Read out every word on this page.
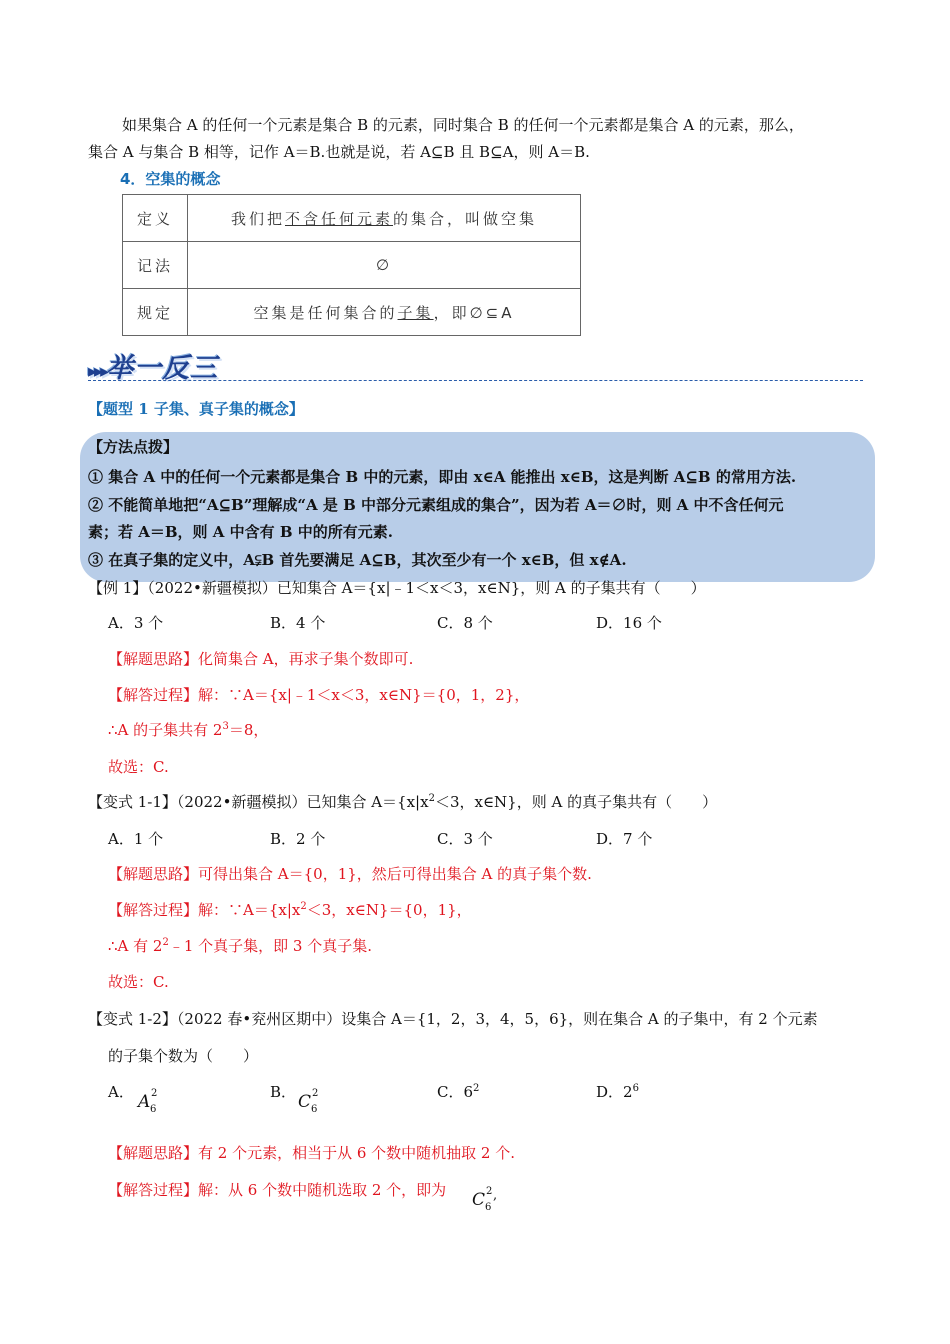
如果集合 A 的任何一个元素是集合 B 的元素，同时集合 B 的任何一个元素都是集合 A 的元素，那么，
集合 A 与集合 B 相等，记作 A＝B.也就是说，若 A⊆B 且 B⊆A，则 A＝B.
4．空集的概念
定义	我们把不含任何元素的集合，叫做空集
记法	∅
规定	空集是任何集合的子集，即∅⊆A
▸▸▸举一反三
【题型 1 子集、真子集的概念】
【方法点拨】
① 集合 A 中的任何一个元素都是集合 B 中的元素，即由 x∈A 能推出 x∈B，这是判断 A⊆B 的常用方法.
② 不能简单地把“A⊆B”理解成“A 是 B 中部分元素组成的集合”，因为若 A＝∅时，则 A 中不含任何元
素；若 A＝B，则 A 中含有 B 中的所有元素.
③ 在真子集的定义中，A⫋B 首先要满足 A⊆B，其次至少有一个 x∈B，但 x∉A.
【例 1】（2022•新疆模拟）已知集合 A＝{x|﹣1＜x＜3，x∈N}，则 A 的子集共有（　　）
A．3 个	B．4 个	C．8 个	D．16 个
【解题思路】化简集合 A，再求子集个数即可.
【解答过程】解：∵A＝{x|﹣1＜x＜3，x∈N}＝{0，1，2}，
∴A 的子集共有 $2^3=8$，
故选：C.
【变式 1-1】（2022•新疆模拟）已知集合 $A=\{x|x^2<3$，x∈N}，则 A 的真子集共有（　　）
A．1 个	B．2 个	C．3 个	D．7 个
【解题思路】可得出集合 A＝{0，1}，然后可得出集合 A 的真子集个数.
【解答过程】解：$\because A=\{x|x^2<3$，x∈N}＝{0，1}，
∴A 有 $2^2﹣1$ 个真子集，即 3 个真子集.
故选：C.
【变式 1-2】（2022 春•兖州区期中）设集合 A＝{1，2，3，4，5，6}，则在集合 A 的子集中，有 2 个元素
的子集个数为（　　）
A． A 2
6
B． C 2
6
C．$6^2$	D．$2^6$
【解题思路】有 2 个元素，相当于从 6 个数中随机抽取 2 个.
【解答过程】解：从 6 个数中随机选取 2 个，即为 C 2
6
,
